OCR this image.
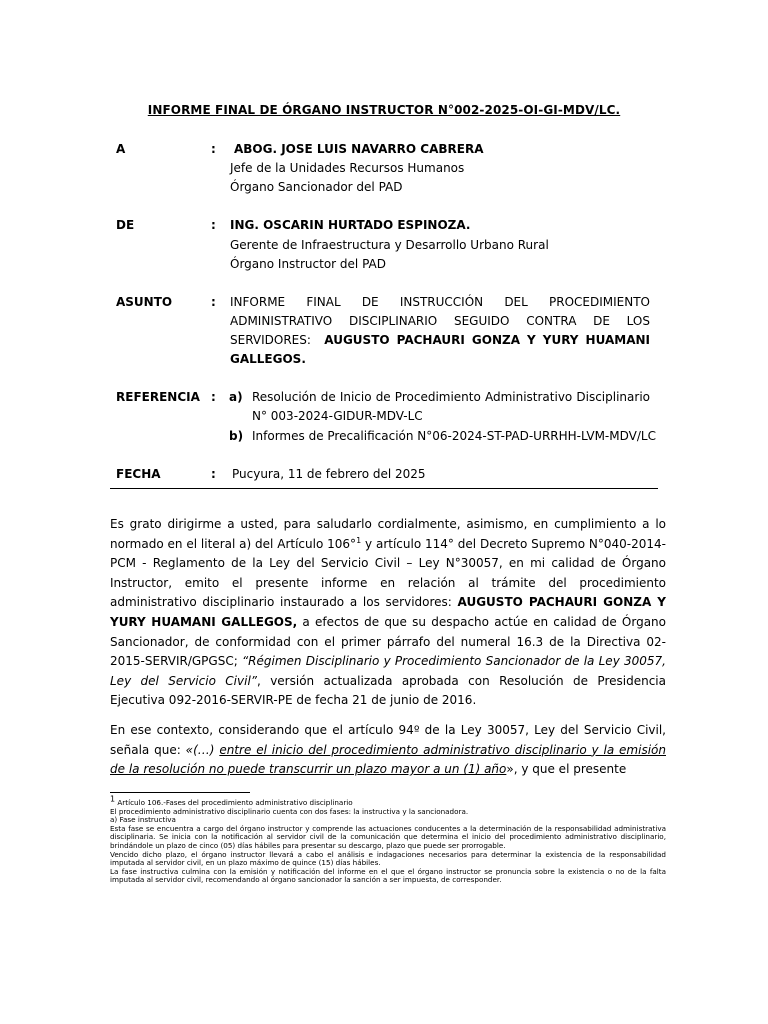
INFORME FINAL DE ÓRGANO INSTRUCTOR N°002-2025-OI-GI-MDV/LC.
A	: ABOG. JOSE LUIS NAVARRO CABRERA
Jefe de la Unidades Recursos Humanos
Órgano Sancionador del PAD
DE	: ING. OSCARIN HURTADO ESPINOZA.
Gerente de Infraestructura y Desarrollo Urbano Rural
Órgano Instructor del PAD
ASUNTO	: INFORME FINAL DE INSTRUCCIÓN DEL PROCEDIMIENTO
ADMINISTRATIVO DISCIPLINARIO SEGUIDO CONTRA DE LOS
SERVIDORES: AUGUSTO PACHAURI GONZA Y YURY HUAMANI
GALLEGOS.
REFERENCIA : a) Resolución de Inicio de Procedimiento Administrativo Disciplinario
N° 003-2024-GIDUR-MDV-LC
b) Informes de Precalificación N°06-2024-ST-PAD-URRHH-LVM-MDV/LC
FECHA	: Pucyura, 11 de febrero del 2025
Es grato dirigirme a usted, para saludarlo cordialmente, asimismo, en cumplimiento a lo normado en el literal a) del Artículo 106°$^1$ y artículo 114° del Decreto Supremo N°040-2014-PCM - Reglamento de la Ley del Servicio Civil – Ley N°30057, en mi calidad de Órgano Instructor, emito el presente informe en relación al trámite del procedimiento administrativo disciplinario instaurado a los servidores: AUGUSTO PACHAURI GONZA Y YURY HUAMANI GALLEGOS, a efectos de que su despacho actúe en calidad de Órgano Sancionador, de conformidad con el primer párrafo del numeral 16.3 de la Directiva 02-2015-SERVIR/GPGSC; “Régimen Disciplinario y Procedimiento Sancionador de la Ley 30057, Ley del Servicio Civil”, versión actualizada aprobada con Resolución de Presidencia Ejecutiva 092-2016-SERVIR-PE de fecha 21 de junio de 2016.
En ese contexto, considerando que el artículo 94º de la Ley 30057, Ley del Servicio Civil, señala que: «(…) entre el inicio del procedimiento administrativo disciplinario y la emisión de la resolución no puede transcurrir un plazo mayor a un (1) año», y que el presente

$^1$ Artículo 106.-Fases del procedimiento administrativo disciplinario

El procedimiento administrativo disciplinario cuenta con dos fases: la instructiva y la sancionadora.

a) Fase instructiva

Esta fase se encuentra a cargo del órgano instructor y comprende las actuaciones conducentes a la determinación de la responsabilidad administrativa disciplinaria. Se inicia con la notificación al servidor civil de la comunicación que determina el inicio del procedimiento administrativo disciplinario, brindándole un plazo de cinco (05) días hábiles para presentar su descargo, plazo que puede ser prorrogable.

Vencido dicho plazo, el órgano instructor llevará a cabo el análisis e indagaciones necesarios para determinar la existencia de la responsabilidad imputada al servidor civil, en un plazo máximo de quince (15) días hábiles.

La fase instructiva culmina con la emisión y notificación del informe en el que el órgano instructor se pronuncia sobre la existencia o no de la falta imputada al servidor civil, recomendando al órgano sancionador la sanción a ser impuesta, de corresponder.
